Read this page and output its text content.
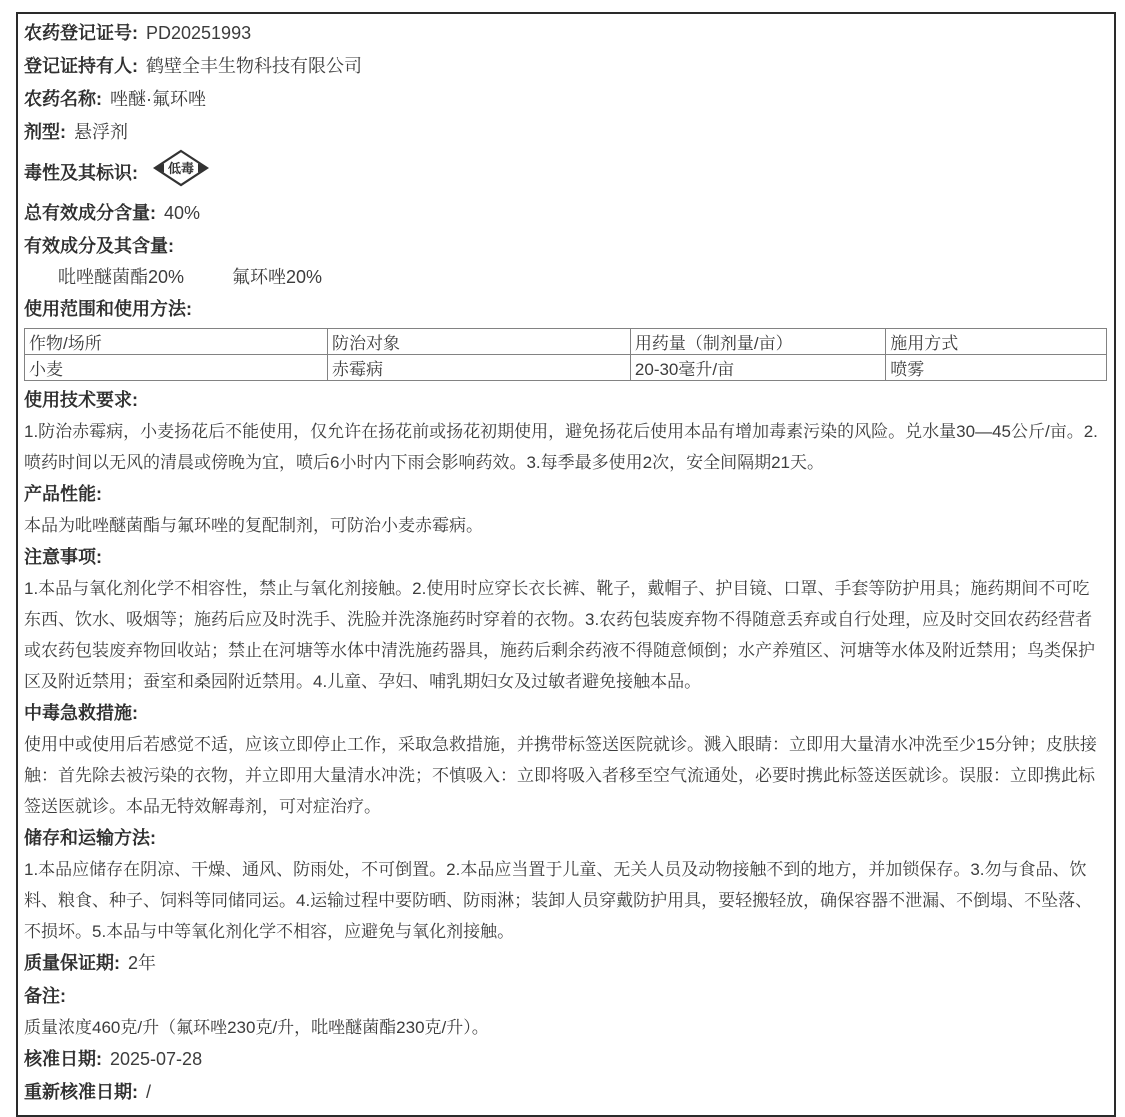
农药登记证号: PD20251993
登记证持有人: 鹤壁全丰生物科技有限公司
农药名称: 唑醚·氟环唑
剂型: 悬浮剂
毒性及其标识: 低毒
总有效成分含量: 40%
有效成分及其含量:
吡唑醚菌酯20%	氟环唑20%
使用范围和使用方法:
作物/场所	防治对象	用药量（制剂量/亩）	施用方式
小麦	赤霉病	20-30毫升/亩	喷雾
使用技术要求:
1.防治赤霉病，小麦扬花后不能使用，仅允许在扬花前或扬花初期使用，避免扬花后使用本品有增加毒素污染的风险。兑水量30—45公斤/亩。2.喷药时间以无风的清晨或傍晚为宜，喷后6小时内下雨会影响药效。3.每季最多使用2次，安全间隔期21天。
产品性能:
本品为吡唑醚菌酯与氟环唑的复配制剂，可防治小麦赤霉病。
注意事项:
1.本品与氧化剂化学不相容性，禁止与氧化剂接触。2.使用时应穿长衣长裤、靴子，戴帽子、护目镜、口罩、手套等防护用具；施药期间不可吃东西、饮水、吸烟等；施药后应及时洗手、洗脸并洗涤施药时穿着的衣物。3.农药包装废弃物不得随意丢弃或自行处理，应及时交回农药经营者或农药包装废弃物回收站；禁止在河塘等水体中清洗施药器具，施药后剩余药液不得随意倾倒；水产养殖区、河塘等水体及附近禁用；鸟类保护区及附近禁用；蚕室和桑园附近禁用。4.儿童、孕妇、哺乳期妇女及过敏者避免接触本品。
中毒急救措施:
使用中或使用后若感觉不适，应该立即停止工作，采取急救措施，并携带标签送医院就诊。溅入眼睛：立即用大量清水冲洗至少15分钟；皮肤接触：首先除去被污染的衣物，并立即用大量清水冲洗；不慎吸入：立即将吸入者移至空气流通处，必要时携此标签送医就诊。误服：立即携此标签送医就诊。本品无特效解毒剂，可对症治疗。
储存和运输方法:
1.本品应储存在阴凉、干燥、通风、防雨处，不可倒置。2.本品应当置于儿童、无关人员及动物接触不到的地方，并加锁保存。3.勿与食品、饮料、粮食、种子、饲料等同储同运。4.运输过程中要防晒、防雨淋；装卸人员穿戴防护用具，要轻搬轻放，确保容器不泄漏、不倒塌、不坠落、不损坏。5.本品与中等氧化剂化学不相容，应避免与氧化剂接触。
质量保证期: 2年
备注:
质量浓度460克/升（氟环唑230克/升，吡唑醚菌酯230克/升）。
核准日期: 2025-07-28
重新核准日期: /
